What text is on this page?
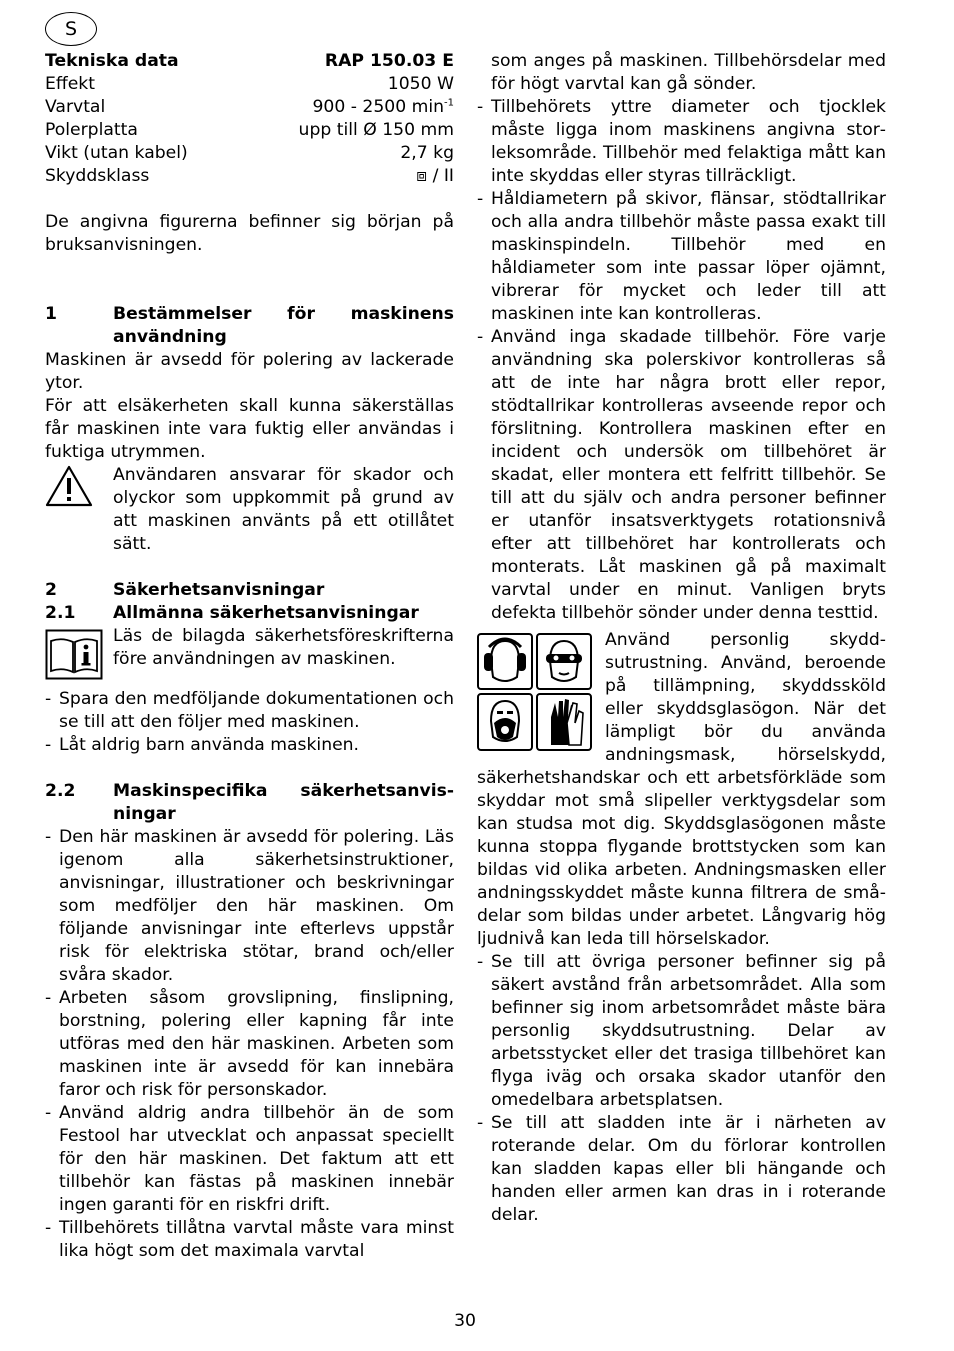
S
Tekniska data	RAP 150.03 E
Effekt	1050 W
Varvtal	900 - 2500 $\min^{-1}$
Polerplatta	upp till Ø 150 mm
Vikt (utan kabel)	2,7 kg
Skyddsklass	⧈ / II

De angivna figurerna befinner sig början på bruksanvisningen.

1	Bestämmelser för maskinens användning

Maskinen är avsedd för polering av lackerade ytor.

För att elsäkerheten skall kunna säkerställas får maskinen inte vara fuktig eller användas i fuktiga utrymmen.

Användaren ansvarar för skador och olyckor som uppkommit på grund av att maskinen använts på ett otillåtet sätt.

2	Säkerhetsanvisningar
2.1	Allmänna säkerhetsanvisningar

Läs de bilagda säkerhetsföreskrifterna före användningen av maskinen.

- Spara den medföljande dokumentationen och se till att den följer med maskinen.
- Låt aldrig barn använda maskinen.
2.2	Maskinspecifika säkerhetsanvisningar
- Den här maskinen är avsedd för polering. Läs igenom alla säkerhetsinstruktioner, anvisningar, illustrationer och beskrivningar som medföljer den här maskinen. Om följande anvisningar inte efterlevs uppstår risk för elektriska stötar, brand och/eller svåra skador.
- Arbeten såsom grovslipning, finslipning, borstning, polering eller kapning får inte utföras med den här maskinen. Arbeten som maskinen inte är avsedd för kan innebära faror och risk för personskador.
- Använd aldrig andra tillbehör än de som Festool har utvecklat och anpassat speciellt för den här maskinen. Det faktum att ett tillbehör kan fästas på maskinen innebär ingen garanti för en riskfri drift.
- Tillbehörets tillåtna varvtal måste vara minst lika högt som det maximala varvtal
som anges på maskinen. Tillbehörsdelar med för högt varvtal kan gå sönder.
- Tillbehörets yttre diameter och tjocklek måste ligga inom maskinens angivna storleksområde. Tillbehör med felaktiga mått kan inte skyddas eller styras tillräckligt.
- Håldiametern på skivor, flänsar, stödtallrikar och alla andra tillbehör måste passa exakt till maskinspindeln. Tillbehör med en håldiameter som inte passar löper ojämnt, vibrerar för mycket och leder till att maskinen inte kan kontrolleras.
- Använd inga skadade tillbehör. Före varje användning ska polerskivor kontrolleras så att de inte har några brott eller repor, stödtallrikar kontrolleras avseende repor och förslitning. Kontrollera maskinen efter en incident och undersök om tillbehöret är skadat, eller montera ett felfritt tillbehör. Se till att du själv och andra personer befinner er utanför insatsverktygets rotationsnivå efter att tillbehöret har kontrollerats och monterats. Låt maskinen gå på maximalt varvtal under en minut. Vanligen bryts defekta tillbehör sönder under denna testtid.

Använd personlig skyddsutrustning. Använd, beroende på tillämpning, skyddssköld eller skyddsglasögon. När det lämpligt bör du använda andningsmask, hörselskydd, säkerhetshandskar och ett arbetsförkläde som skyddar mot små slipeller verktygsdelar som kan studsa mot dig. Skyddsglasögonen måste kunna stoppa flygande brottstycken som kan bildas vid olika arbeten. Andningsmasken eller andningsskyddet måste kunna filtrera de smådelar som bildas under arbetet. Långvarig hög ljudnivå kan leda till hörselskador.

- Se till att övriga personer befinner sig på säkert avstånd från arbetsområdet. Alla som befinner sig inom arbetsområdet måste bära personlig skyddsutrustning. Delar av arbetsstycket eller det trasiga tillbehöret kan flyga iväg och orsaka skador utanför den omedelbara arbetsplatsen.
- Se till att sladden inte är i närheten av roterande delar. Om du förlorar kontrollen kan sladden kapas eller bli hängande och handen eller armen kan dras in i roterande delar.
30
